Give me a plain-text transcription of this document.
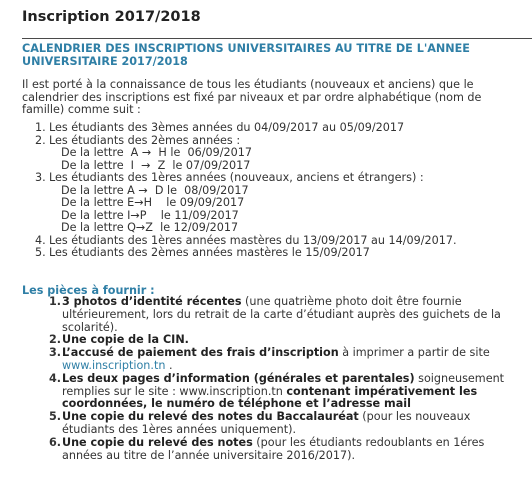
Inscription 2017/2018
CALENDRIER DES INSCRIPTIONS UNIVERSITAIRES AU TITRE DE L'ANNEE UNIVERSITAIRE 2017/2018
Il est porté à la connaissance de tous les étudiants (nouveaux et anciens) que le calendrier des inscriptions est fixé par niveaux et par ordre alphabétique (nom de famille) comme suit :
1. Les étudiants des 3èmes années du 04/09/2017 au 05/09/2017
2. Les étudiants des 2èmes années :
De la lettre  A →  H le  06/09/2017
De la lettre  I  →  Z  le 07/09/2017
3. Les étudiants des 1ères années (nouveaux, anciens et étrangers) :
De la lettre A →  D le  08/09/2017
De la lettre E→H    le 09/09/2017
De la lettre I→P    le 11/09/2017
De la lettre Q→Z  le 12/09/2017
4. Les étudiants des 1ères années mastères du 13/09/2017 au 14/09/2017.
5. Les étudiants des 2èmes années mastères le 15/09/2017
Les pièces à fournir :
1. 3 photos d’identité récentes (une quatrième photo doit être fournie ultérieurement, lors du retrait de la carte d’étudiant auprès des guichets de la scolarité).
2. Une copie de la CIN.
3. L’accusé de paiement des frais d’inscription à imprimer a partir de site www.inscription.tn .
4. Les deux pages d’information (générales et parentales) soigneusement remplies sur le site : www.inscription.tn contenant impérativement les coordonnées, le numéro de téléphone et l’adresse mail
5. Une copie du relevé des notes du Baccalauréat (pour les nouveaux étudiants des 1ères années uniquement).
6. Une copie du relevé des notes (pour les étudiants redoublants en 1éres années au titre de l’année universitaire 2016/2017).
